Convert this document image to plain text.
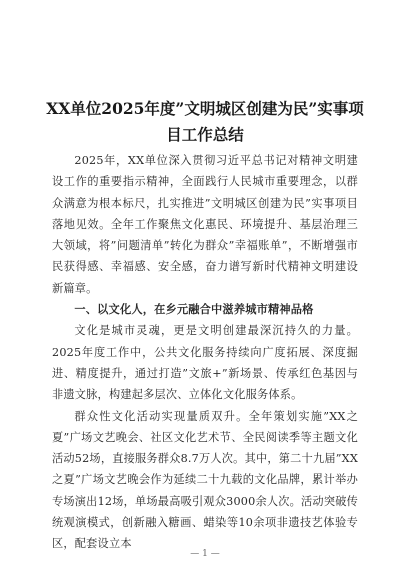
XX单位2025年度”文明城区创建为民”实事项目工作总结

2025年，XX单位深入贯彻习近平总书记对精神文明建设工作的重要指示精神，全面践行人民城市重要理念，以群众满意为根本标尺，扎实推进”文明城区创建为民”实事项目落地见效。全年工作聚焦文化惠民、环境提升、基层治理三大领域，将”问题清单”转化为群众”幸福账单”，不断增强市民获得感、幸福感、安全感，奋力谱写新时代精神文明建设新篇章。

一、以文化人，在乡元融合中滋养城市精神品格

文化是城市灵魂，更是文明创建最深沉持久的力量。2025年度工作中，公共文化服务持续向广度拓展、深度掘进、精度提升，通过打造”文旅+”新场景、传承红色基因与非遗文脉，构建起多层次、立体化文化服务体系。

群众性文化活动实现量质双升。全年策划实施”XX之夏”广场文艺晚会、社区文化艺术节、全民阅读季等主题文化活动52场，直接服务群众8.7万人次。其中，第二十九届”XX之夏”广场文艺晚会作为延续二十九载的文化品牌，累计举办专场演出12场，单场最高吸引观众3000余人次。活动突破传统观演模式，创新融入糖画、蜡染等10余项非遗技艺体验专区，配套设立本

— 1 —
